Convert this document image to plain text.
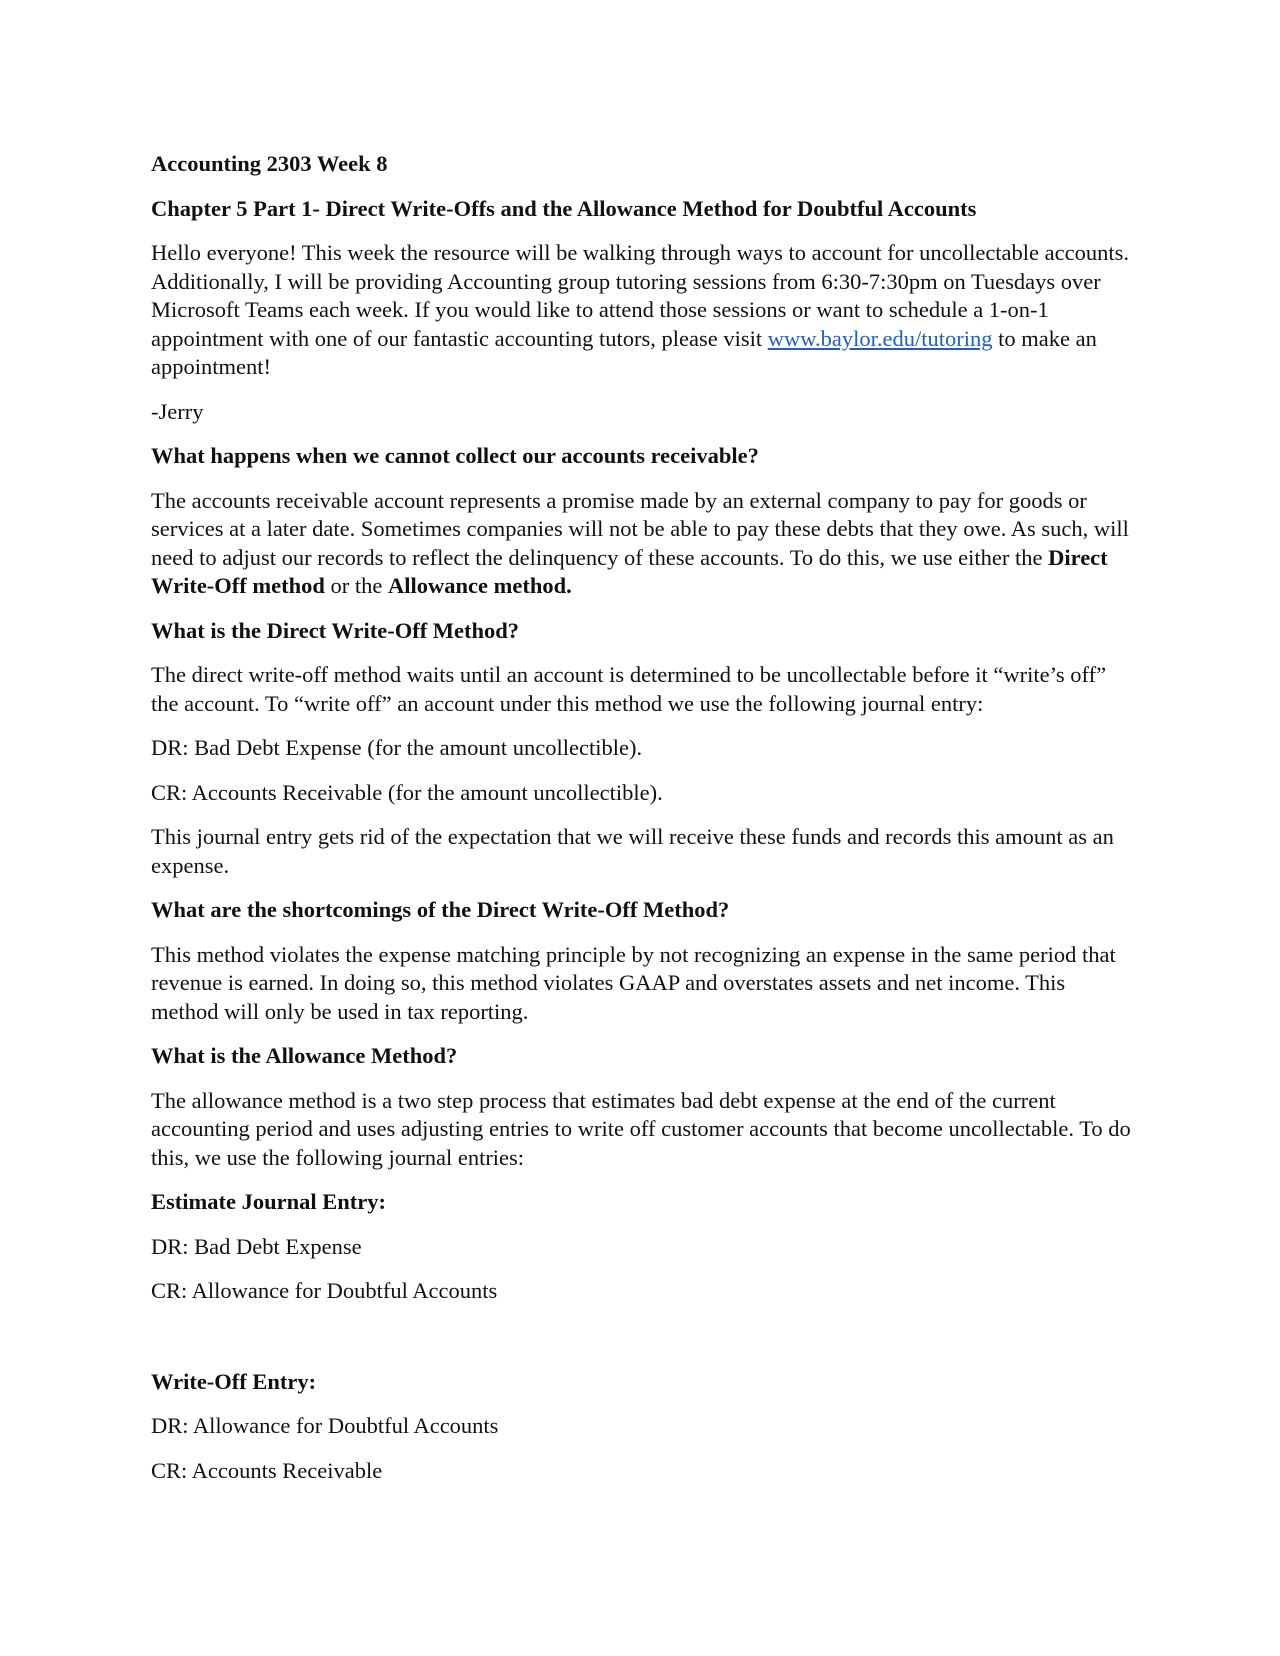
Accounting 2303 Week 8

Chapter 5 Part 1- Direct Write-Offs and the Allowance Method for Doubtful Accounts

Hello everyone! This week the resource will be walking through ways to account for uncollectable accounts. Additionally, I will be providing Accounting group tutoring sessions from 6:30-7:30pm on Tuesdays over Microsoft Teams each week. If you would like to attend those sessions or want to schedule a 1-on-1 appointment with one of our fantastic accounting tutors, please visit www.baylor.edu/tutoring to make an appointment!

-Jerry

What happens when we cannot collect our accounts receivable?

The accounts receivable account represents a promise made by an external company to pay for goods or services at a later date. Sometimes companies will not be able to pay these debts that they owe. As such, will need to adjust our records to reflect the delinquency of these accounts. To do this, we use either the Direct Write-Off method or the Allowance method.

What is the Direct Write-Off Method?

The direct write-off method waits until an account is determined to be uncollectable before it “write’s off” the account. To “write off” an account under this method we use the following journal entry:

DR: Bad Debt Expense (for the amount uncollectible).

CR: Accounts Receivable (for the amount uncollectible).

This journal entry gets rid of the expectation that we will receive these funds and records this amount as an expense.

What are the shortcomings of the Direct Write-Off Method?

This method violates the expense matching principle by not recognizing an expense in the same period that revenue is earned. In doing so, this method violates GAAP and overstates assets and net income. This method will only be used in tax reporting.

What is the Allowance Method?

The allowance method is a two step process that estimates bad debt expense at the end of the current accounting period and uses adjusting entries to write off customer accounts that become uncollectable. To do this, we use the following journal entries:

Estimate Journal Entry:

DR: Bad Debt Expense

CR: Allowance for Doubtful Accounts

Write-Off Entry:

DR: Allowance for Doubtful Accounts

CR: Accounts Receivable
